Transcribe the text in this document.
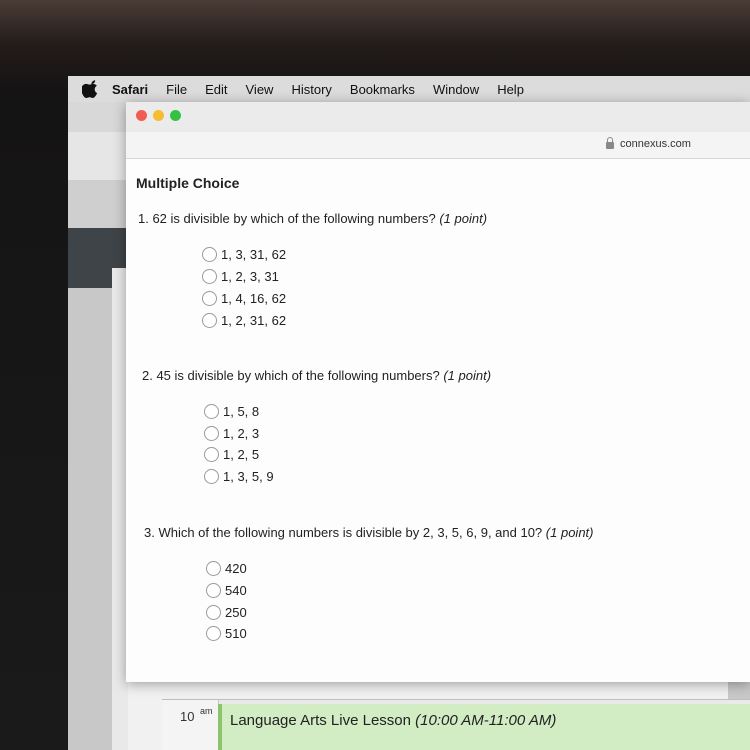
Safari File Edit View History Bookmarks Window Help
10 am
Language Arts Live Lesson (10:00 AM-11:00 AM)
connexus.com
Multiple Choice
1. 62 is divisible by which of the following numbers? (1 point)
1, 3, 31, 62
1, 2, 3, 31
1, 4, 16, 62
1, 2, 31, 62
2. 45 is divisible by which of the following numbers? (1 point)
1, 5, 8
1, 2, 3
1, 2, 5
1, 3, 5, 9
3. Which of the following numbers is divisible by 2, 3, 5, 6, 9, and 10? (1 point)
420
540
250
510
